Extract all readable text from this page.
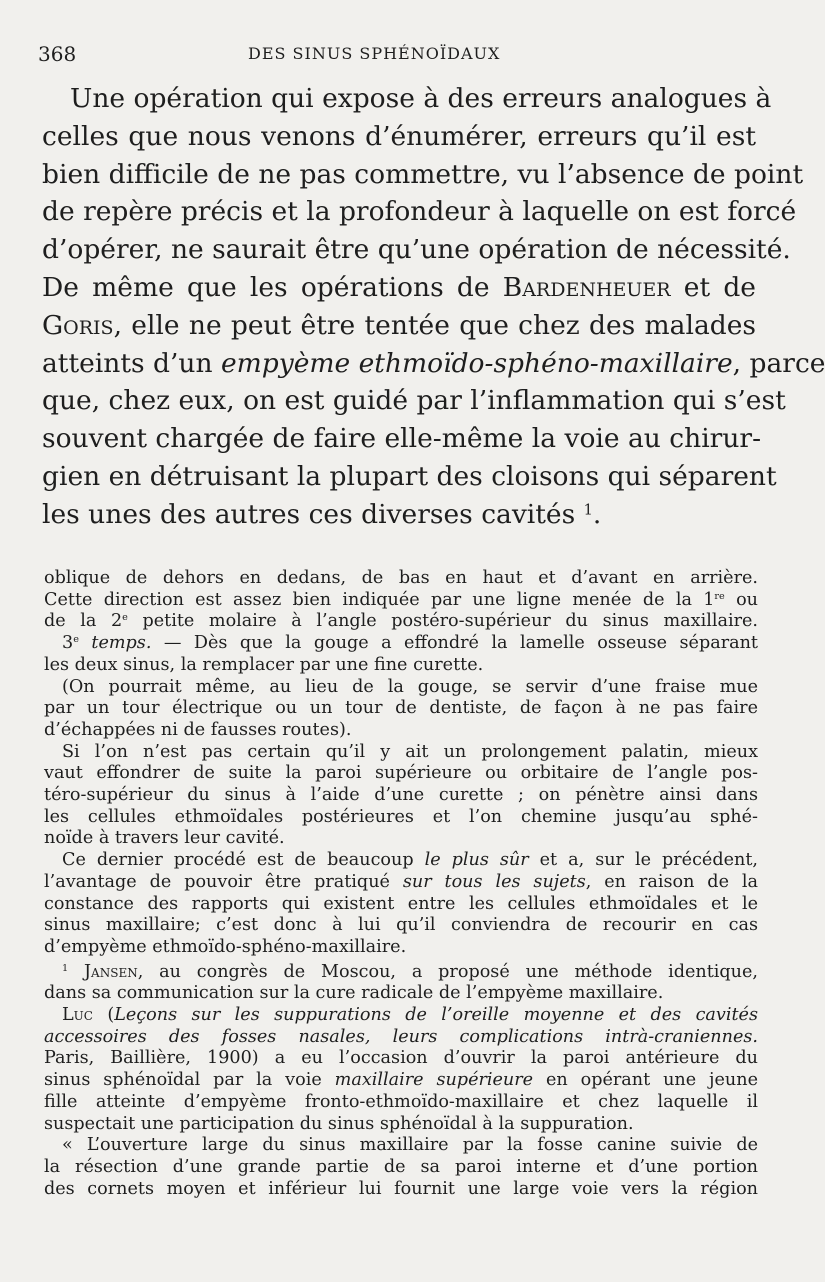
368	DES SINUS SPHÉNOÏDAUX
Une opération qui expose à des erreurs analogues à
celles que nous venons d’énumérer, erreurs qu’il est
bien difficile de ne pas commettre, vu l’absence de point
de repère précis et la profondeur à laquelle on est forcé
d’opérer, ne saurait être qu’une opération de nécessité.
De même que les opérations de Bardenheuer et de
Goris, elle ne peut être tentée que chez des malades
atteints d’un empyème ethmoïdo-sphéno-maxillaire, parce
que, chez eux, on est guidé par l’inflammation qui s’est
souvent chargée de faire elle-même la voie au chirur-
gien en détruisant la plupart des cloisons qui séparent
les unes des autres ces diverses cavités $^1$.
oblique de dehors en dedans, de bas en haut et d’avant en arrière.
Cette direction est assez bien indiquée par une ligne menée de la 1re ou
de la 2e petite molaire à l’angle postéro-supérieur du sinus maxillaire.
3e temps. — Dès que la gouge a effondré la lamelle osseuse séparant
les deux sinus, la remplacer par une fine curette.
(On pourrait même, au lieu de la gouge, se servir d’une fraise mue
par un tour électrique ou un tour de dentiste, de façon à ne pas faire
d’échappées ni de fausses routes).
Si l’on n’est pas certain qu’il y ait un prolongement palatin, mieux
vaut effondrer de suite la paroi supérieure ou orbitaire de l’angle pos-
téro-supérieur du sinus à l’aide d’une curette ; on pénètre ainsi dans
les cellules ethmoïdales postérieures et l’on chemine jusqu’au sphé-
noïde à travers leur cavité.
Ce dernier procédé est de beaucoup le plus sûr et a, sur le précédent,
l’avantage de pouvoir être pratiqué sur tous les sujets, en raison de la
constance des rapports qui existent entre les cellules ethmoïdales et le
sinus maxillaire; c’est donc à lui qu’il conviendra de recourir en cas
d’empyème ethmoïdo-sphéno-maxillaire.
$^1$ Jansen, au congrès de Moscou, a proposé une méthode identique,
dans sa communication sur la cure radicale de l’empyème maxillaire.
Luc (Leçons sur les suppurations de l’oreille moyenne et des cavités
accessoires des fosses nasales, leurs complications intrà-craniennes.
Paris, Baillière, 1900) a eu l’occasion d’ouvrir la paroi antérieure du
sinus sphénoïdal par la voie maxillaire supérieure en opérant une jeune
fille atteinte d’empyème fronto-ethmoïdo-maxillaire et chez laquelle il
suspectait une participation du sinus sphénoïdal à la suppuration.
« L’ouverture large du sinus maxillaire par la fosse canine suivie de
la résection d’une grande partie de sa paroi interne et d’une portion
des cornets moyen et inférieur lui fournit une large voie vers la région
